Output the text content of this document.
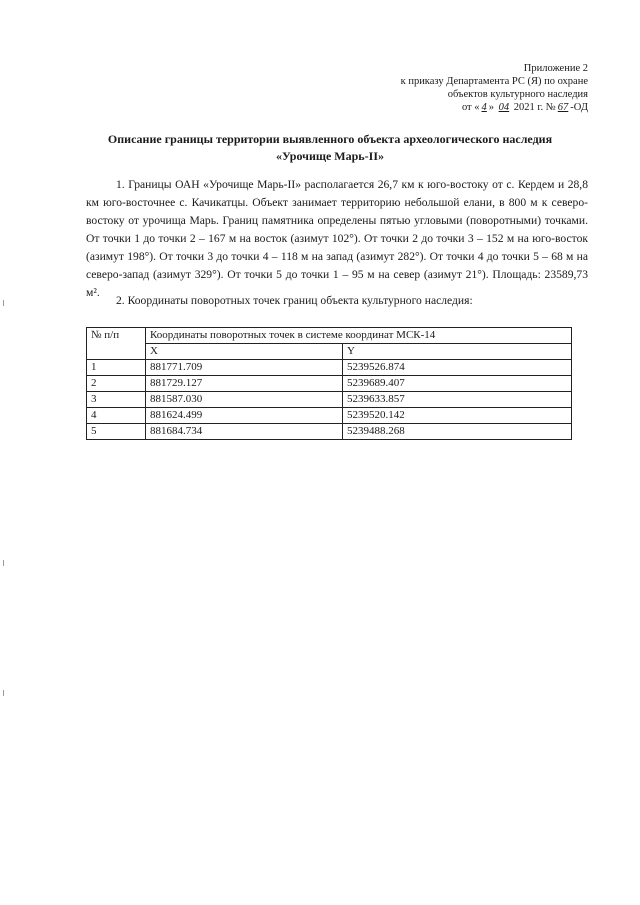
Приложение 2
к приказу Департамента РС (Я) по охране
объектов культурного наследия
от « 4 » 04 2021 г. № 67 -ОД
Описание границы территории выявленного объекта археологического наследия
«Урочище Марь-II»
1. Границы ОАН «Урочище Марь-II» располагается 26,7 км к юго-востоку от с. Кердем и 28,8 км юго-восточнее с. Качикатцы. Объект занимает территорию небольшой елани, в 800 м к северо-востоку от урочища Марь. Границ памятника определены пятью угловыми (поворотными) точками. От точки 1 до точки 2 – 167 м на восток (азимут 102°). От точки 2 до точки 3 – 152 м на юго-восток (азимут 198°). От точки 3 до точки 4 – 118 м на запад (азимут 282°). От точки 4 до точки 5 – 68 м на северо-запад (азимут 329°). От точки 5 до точки 1 – 95 м на север (азимут 21°). Площадь: 23589,73 м².
2. Координаты поворотных точек границ объекта культурного наследия:
№ п/п	Координаты поворотных точек в системе координат МСК-14	
	X	Y
1	881771.709	5239526.874
2	881729.127	5239689.407
3	881587.030	5239633.857
4	881624.499	5239520.142
5	881684.734	5239488.268
